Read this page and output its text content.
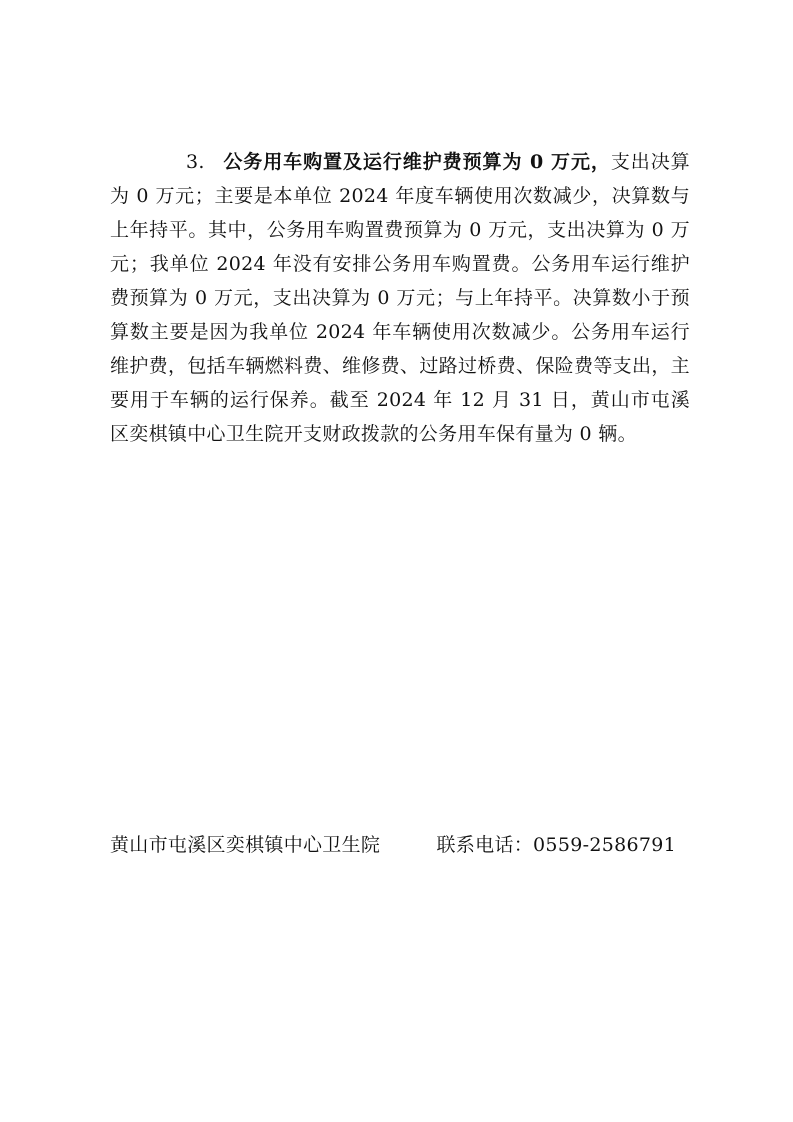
3. 公务用车购置及运行维护费预算为 0 万元，支出决算为 0 万元；主要是本单位 2024 年度车辆使用次数减少，决算数与上年持平。其中，公务用车购置费预算为 0 万元，支出决算为 0 万元；我单位 2024 年没有安排公务用车购置费。公务用车运行维护费预算为 0 万元，支出决算为 0 万元；与上年持平。决算数小于预算数主要是因为我单位 2024 年车辆使用次数减少。公务用车运行维护费，包括车辆燃料费、维修费、过路过桥费、保险费等支出，主要用于车辆的运行保养。截至 2024 年 12 月 31 日，黄山市屯溪区奕棋镇中心卫生院开支财政拨款的公务用车保有量为 0 辆。

黄山市屯溪区奕棋镇中心卫生院	联系电话：0559-2586791
